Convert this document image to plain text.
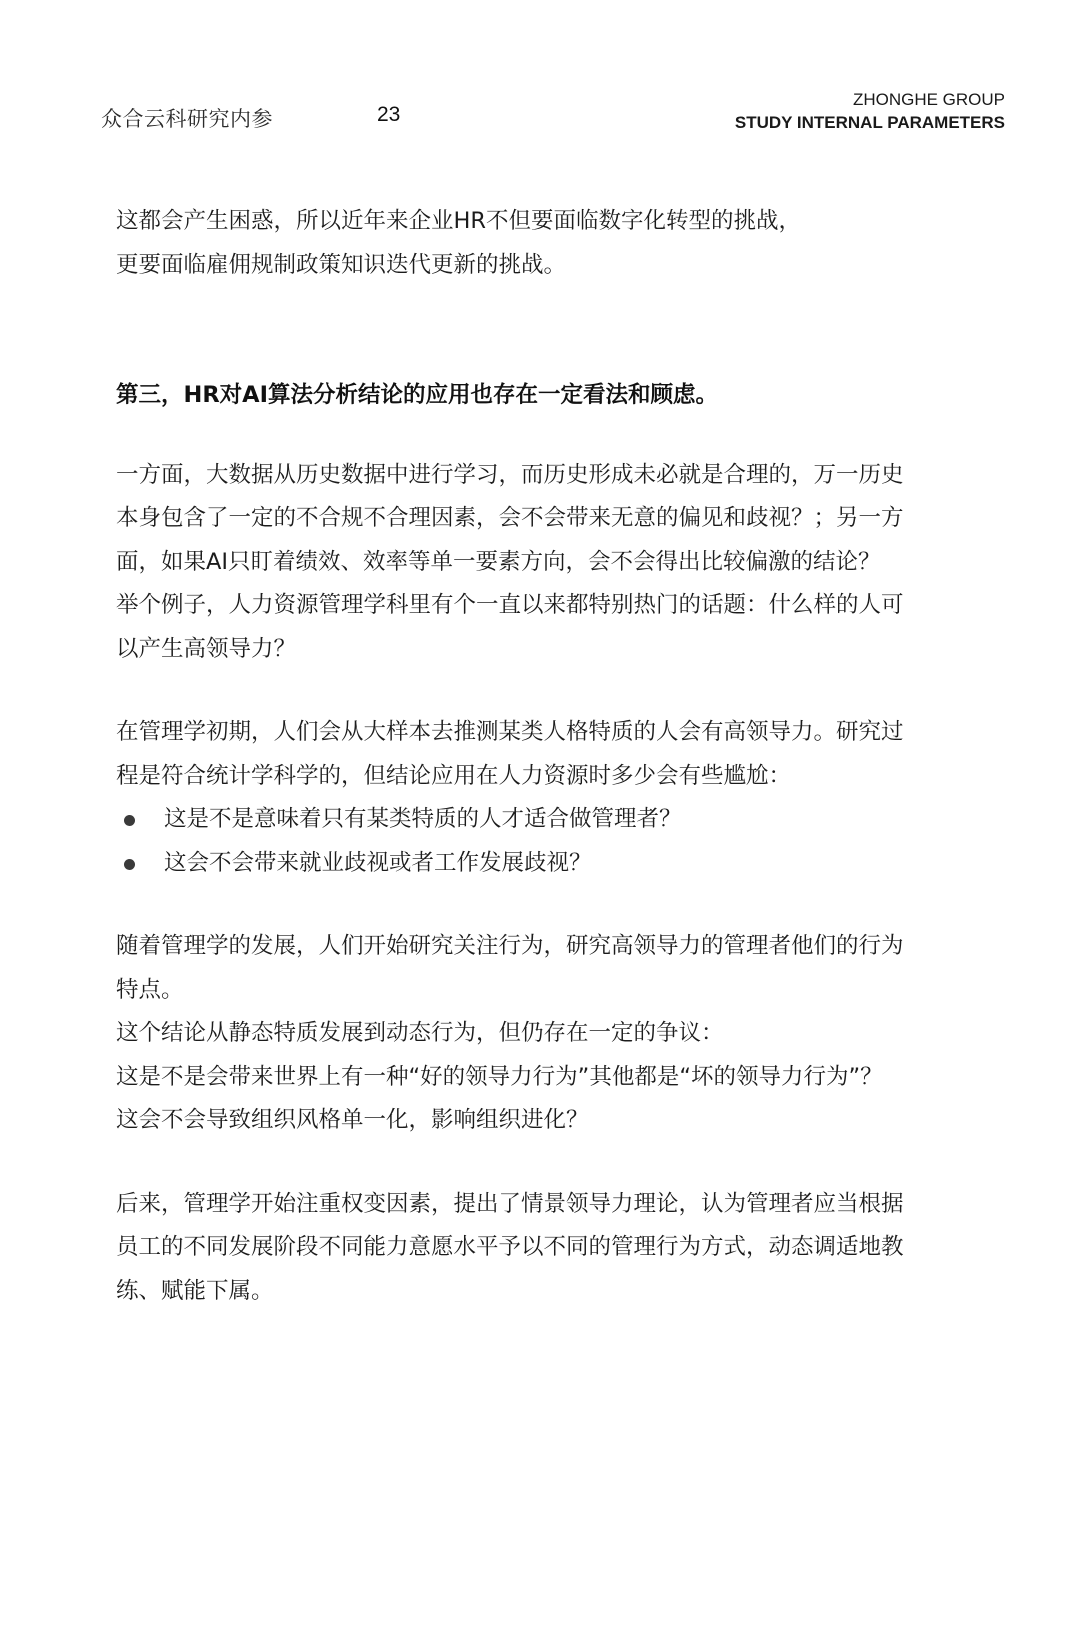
众合云科研究内参	23
ZHONGHE GROUP
STUDY INTERNAL PARAMETERS

这都会产生困惑，所以近年来企业HR不但要面临数字化转型的挑战，

更要面临雇佣规制政策知识迭代更新的挑战。

第三，HR对AI算法分析结论的应用也存在一定看法和顾虑。

一方面，大数据从历史数据中进行学习，而历史形成未必就是合理的，万一历史

本身包含了一定的不合规不合理因素，会不会带来无意的偏见和歧视？；另一方

面，如果AI只盯着绩效、效率等单一要素方向，会不会得出比较偏激的结论？

举个例子，人力资源管理学科里有个一直以来都特别热门的话题：什么样的人可

以产生高领导力？

在管理学初期，人们会从大样本去推测某类人格特质的人会有高领导力。研究过

程是符合统计学科学的，但结论应用在人力资源时多少会有些尴尬：

这是不是意味着只有某类特质的人才适合做管理者？

这会不会带来就业歧视或者工作发展歧视？

随着管理学的发展，人们开始研究关注行为，研究高领导力的管理者他们的行为

特点。

这个结论从静态特质发展到动态行为，但仍存在一定的争议：

这是不是会带来世界上有一种“好的领导力行为”其他都是“坏的领导力行为”？

这会不会导致组织风格单一化，影响组织进化？

后来，管理学开始注重权变因素，提出了情景领导力理论，认为管理者应当根据

员工的不同发展阶段不同能力意愿水平予以不同的管理行为方式，动态调适地教

练、赋能下属。
